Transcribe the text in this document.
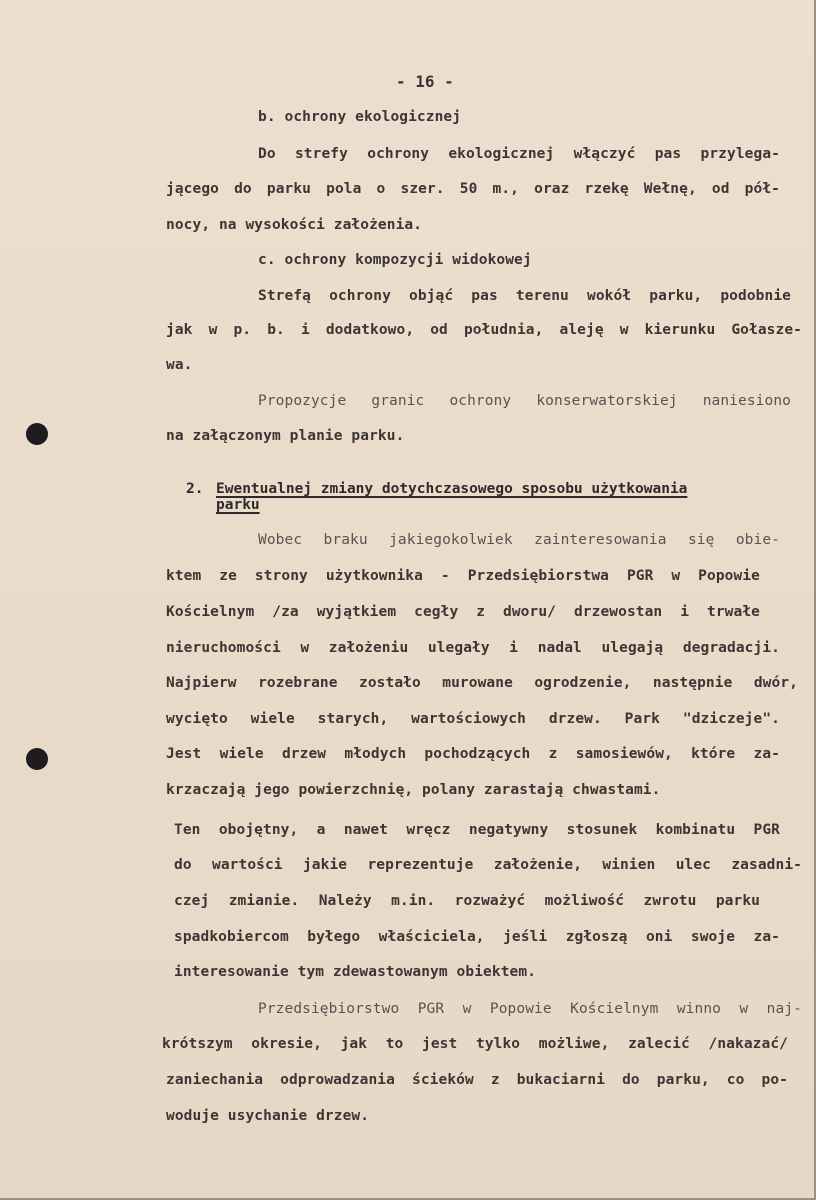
- 16 -
b. ochrony ekologicznej
Do strefy ochrony ekologicznej włączyć pas przylega-
jącego do parku pola o szer. 50 m., oraz rzekę Wełnę, od pół-
nocy, na wysokości założenia.
c. ochrony kompozycji widokowej
Strefą ochrony objąć pas terenu wokół parku, podobnie
jak w p. b. i dodatkowo, od południa, aleję w kierunku Gołasze-
wa.
Propozycje granic ochrony konserwatorskiej naniesiono
na załączonym planie parku.
2. Ewentualnej zmiany dotychczasowego sposobu użytkowania
parku
Wobec braku jakiegokolwiek zainteresowania się obie-
ktem ze strony użytkownika - Przedsiębiorstwa PGR w Popowie
Kościelnym /za wyjątkiem cegły z dworu/ drzewostan i trwałe
nieruchomości w założeniu ulegały i nadal ulegają degradacji.
Najpierw rozebrane zostało murowane ogrodzenie, następnie dwór,
wycięto wiele starych, wartościowych drzew. Park "dziczeje".
Jest wiele drzew młodych pochodzących z samosiewów, które za-
krzaczają jego powierzchnię, polany zarastają chwastami.
Ten obojętny, a nawet wręcz negatywny stosunek kombinatu PGR
do wartości jakie reprezentuje założenie, winien ulec zasadni-
czej zmianie. Należy m.in. rozważyć możliwość zwrotu parku
spadkobiercom byłego właściciela, jeśli zgłoszą oni swoje za-
interesowanie tym zdewastowanym obiektem.
Przedsiębiorstwo PGR w Popowie Kościelnym winno w naj-
krótszym okresie, jak to jest tylko możliwe, zalecić /nakazać/
zaniechania odprowadzania ścieków z bukaciarni do parku, co po-
woduje usychanie drzew.
